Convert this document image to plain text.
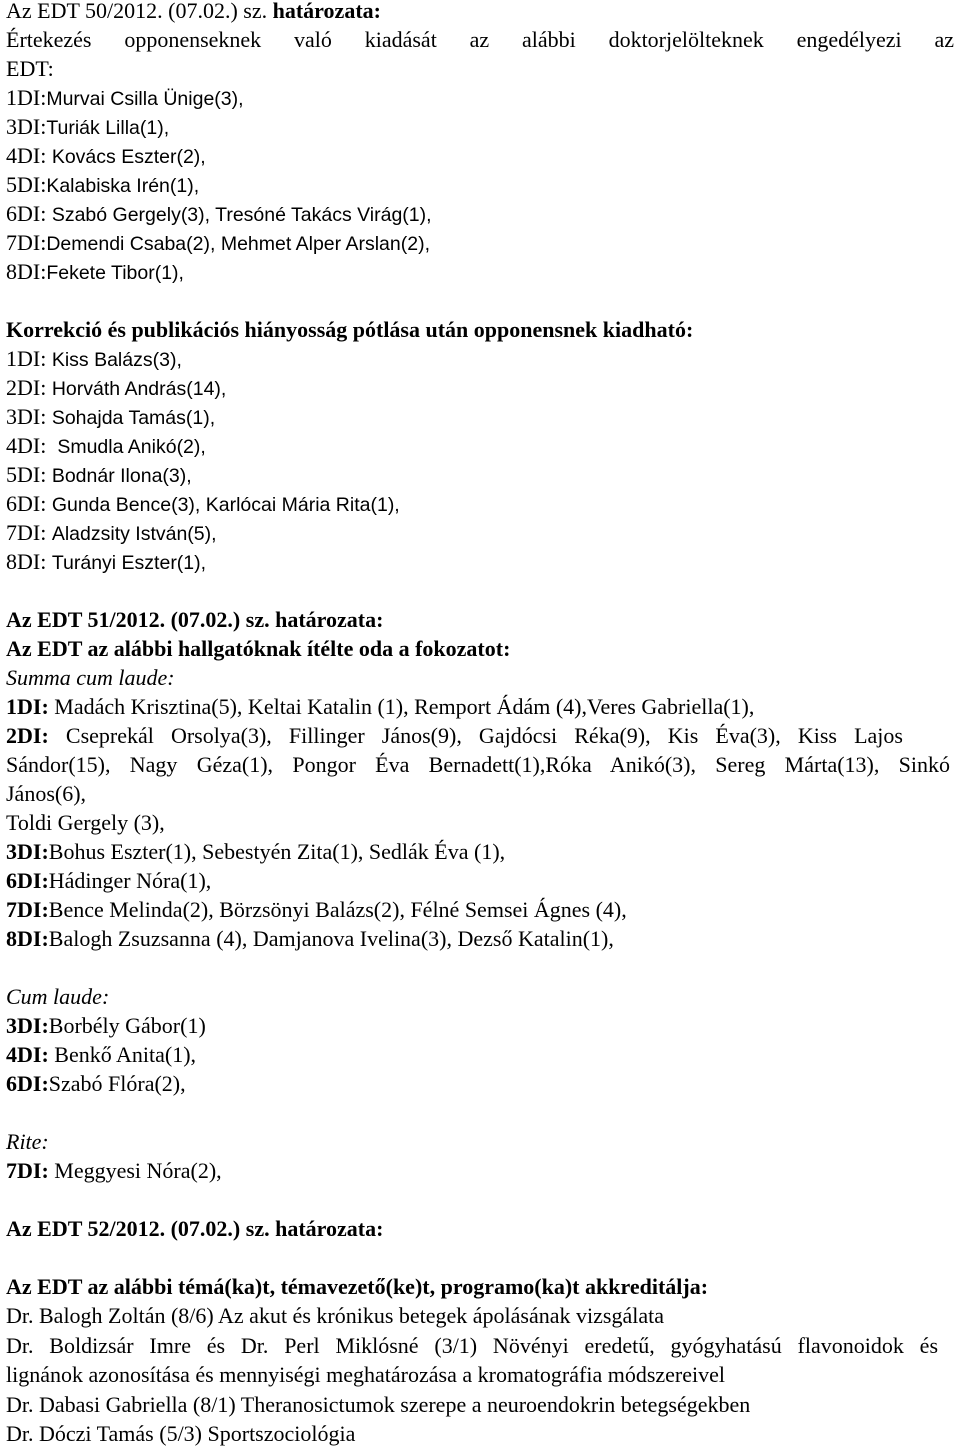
Az EDT 50/2012. (07.02.) sz. határozata:
Értekezés opponenseknek való kiadását az alábbi doktorjelölteknek engedélyezi az
EDT:
1DI:Murvai Csilla Ünige(3),
3DI:Turiák Lilla(1),
4DI: Kovács Eszter(2),
5DI:Kalabiska Irén(1),
6DI: Szabó Gergely(3), Tresóné Takács Virág(1),
7DI:Demendi Csaba(2), Mehmet Alper Arslan(2),
8DI:Fekete Tibor(1),
Korrekció és publikációs hiányosság pótlása után opponensnek kiadható:
1DI: Kiss Balázs(3),
2DI: Horváth András(14),
3DI: Sohajda Tamás(1),
4DI:  Smudla Anikó(2),
5DI: Bodnár Ilona(3),
6DI: Gunda Bence(3), Karlócai Mária Rita(1),
7DI: Aladzsity István(5),
8DI: Turányi Eszter(1),
Az EDT 51/2012. (07.02.) sz. határozata:
Az EDT az alábbi hallgatóknak ítélte oda a fokozatot:
Summa cum laude:
1DI: Madách Krisztina(5), Keltai Katalin (1), Remport Ádám (4),Veres Gabriella(1),
2DI: Cseprekál Orsolya(3), Fillinger János(9), Gajdócsi Réka(9), Kis Éva(3), Kiss Lajos
Sándor(15), Nagy Géza(1), Pongor Éva Bernadett(1),Róka Anikó(3), Sereg Márta(13), Sinkó
János(6),
Toldi Gergely (3),
3DI:Bohus Eszter(1), Sebestyén Zita(1), Sedlák Éva (1),
6DI:Hádinger Nóra(1),
7DI:Bence Melinda(2), Börzsönyi Balázs(2), Félné Semsei Ágnes (4),
8DI:Balogh Zsuzsanna (4), Damjanova Ivelina(3), Dezső Katalin(1),
Cum laude:
3DI:Borbély Gábor(1)
4DI: Benkő Anita(1),
6DI:Szabó Flóra(2),
Rite:
7DI: Meggyesi Nóra(2),
Az EDT 52/2012. (07.02.) sz. határozata:
Az EDT az alábbi témá(ka)t, témavezető(ke)t, programo(ka)t akkreditálja:
Dr. Balogh Zoltán (8/6) Az akut és krónikus betegek ápolásának vizsgálata
Dr. Boldizsár Imre és Dr. Perl Miklósné (3/1) Növényi eredetű, gyógyhatású flavonoidok és
lignánok azonosítása és mennyiségi meghatározása a kromatográfia módszereivel
Dr. Dabasi Gabriella (8/1) Theranosictumok szerepe a neuroendokrin betegségekben
Dr. Dóczi Tamás (5/3) Sportszociológia
